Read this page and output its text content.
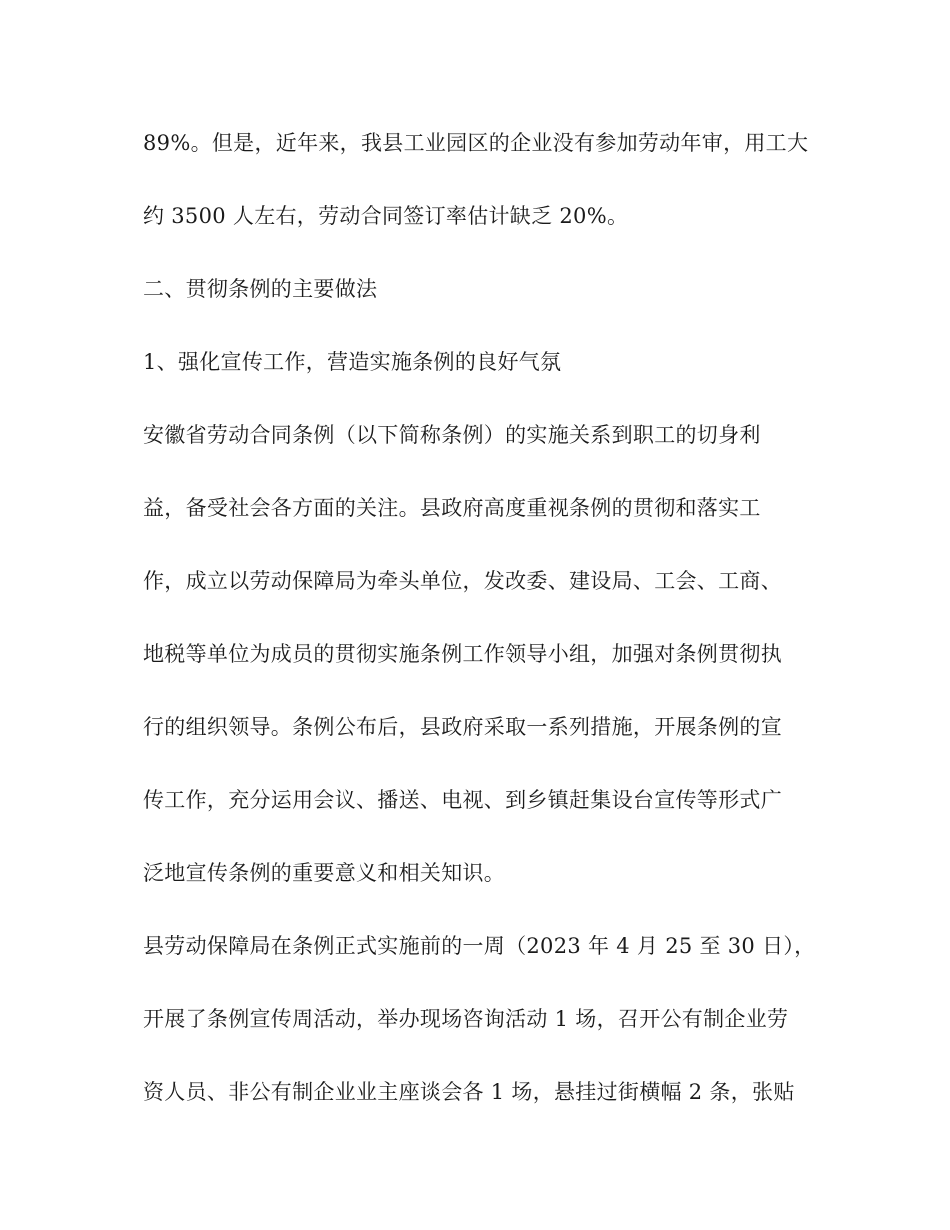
89%。但是，近年来，我县工业园区的企业没有参加劳动年审，用工大
约 3500 人左右，劳动合同签订率估计缺乏 20%。
二、贯彻条例的主要做法
1、强化宣传工作，营造实施条例的良好气氛
安徽省劳动合同条例（以下简称条例）的实施关系到职工的切身利
益，备受社会各方面的关注。县政府高度重视条例的贯彻和落实工
作，成立以劳动保障局为牵头单位，发改委、建设局、工会、工商、
地税等单位为成员的贯彻实施条例工作领导小组，加强对条例贯彻执
行的组织领导。条例公布后，县政府采取一系列措施，开展条例的宣
传工作，充分运用会议、播送、电视、到乡镇赶集设台宣传等形式广
泛地宣传条例的重要意义和相关知识。
县劳动保障局在条例正式实施前的一周（2023 年 4 月 25 至 30 日），
开展了条例宣传周活动，举办现场咨询活动 1 场，召开公有制企业劳
资人员、非公有制企业业主座谈会各 1 场，悬挂过街横幅 2 条，张贴
